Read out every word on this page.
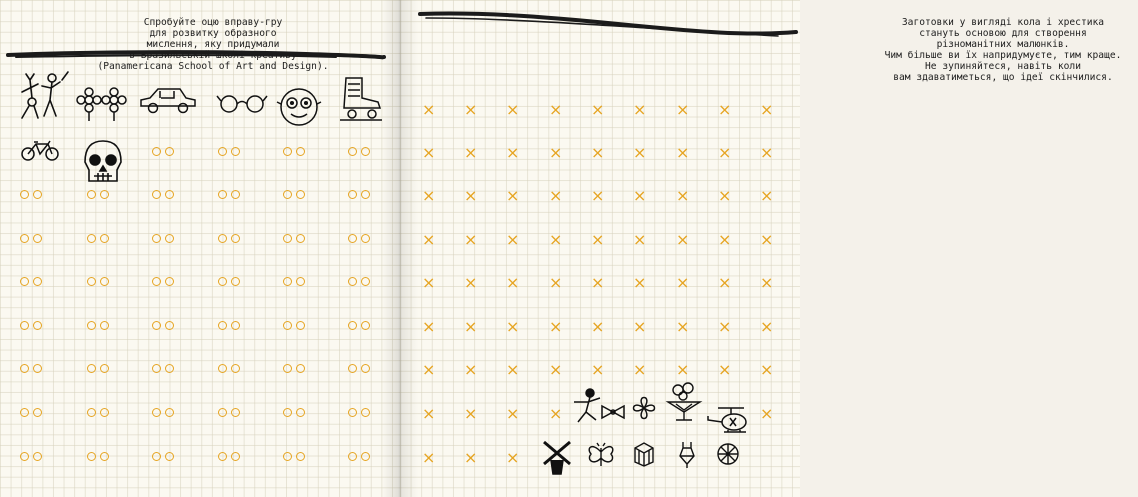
Спробуйте оцю вправу-гру
для розвитку образного
мислення, яку придумали
в Бразильській школі креативу
(Panamericana School of Art and Design).

Заготовки у вигляді кола і хрестика
стануть основою для створення
різноманітних малюнків.
Чим більше ви їх напридумуєте, тим краще.
Не зупиняйтеся, навіть коли
вам здаватиметься, що ідеї скінчилися.

× × × × × × × × ×
× × × × × × × × ×
× × × × × × × × ×
× × × × × × × × ×
× × × × × × × × ×
× × × × × × × × ×
× × × × × × × × ×
× × × ×	×
× × ×
